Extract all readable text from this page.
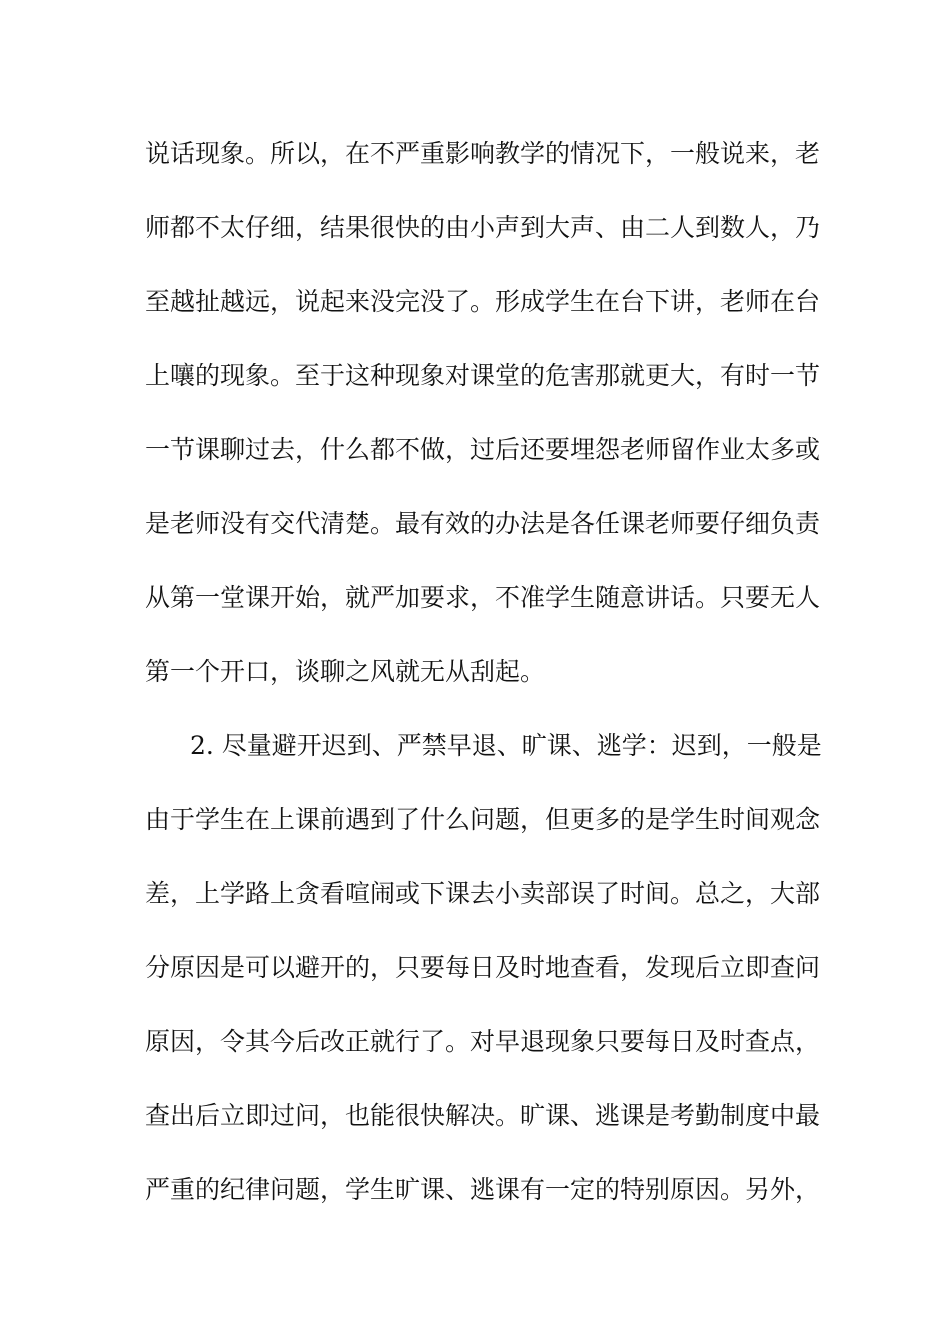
说话现象。所以，在不严重影响教学的情况下，一般说来，老
师都不太仔细，结果很快的由小声到大声、由二人到数人，乃
至越扯越远，说起来没完没了。形成学生在台下讲，老师在台
上嚷的现象。至于这种现象对课堂的危害那就更大，有时一节
一节课聊过去，什么都不做，过后还要埋怨老师留作业太多或
是老师没有交代清楚。最有效的办法是各任课老师要仔细负责
从第一堂课开始，就严加要求，不准学生随意讲话。只要无人
第一个开口，谈聊之风就无从刮起。
2. 尽量避开迟到、严禁早退、旷课、逃学：迟到，一般是
由于学生在上课前遇到了什么问题，但更多的是学生时间观念
差，上学路上贪看喧闹或下课去小卖部误了时间。总之，大部
分原因是可以避开的，只要每日及时地查看，发现后立即查问
原因，令其今后改正就行了。对早退现象只要每日及时查点，
查出后立即过问，也能很快解决。旷课、逃课是考勤制度中最
严重的纪律问题，学生旷课、逃课有一定的特别原因。另外，
